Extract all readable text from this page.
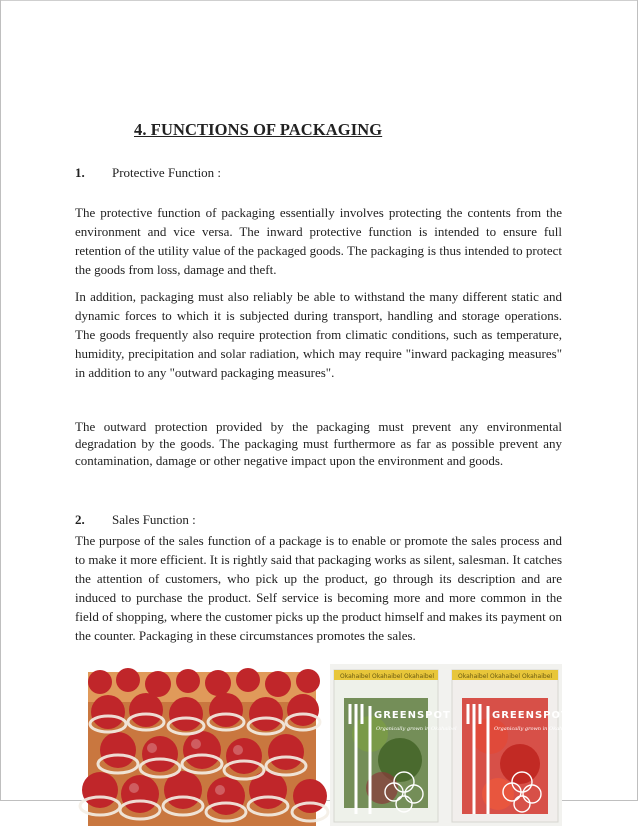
4. FUNCTIONS OF PACKAGING
1. Protective Function :

The protective function of packaging essentially involves protecting the contents from the environment and vice versa. The inward protective function is intended to ensure full retention of the utility value of the packaged goods. The packaging is thus intended to protect the goods from loss, damage and theft.

In addition, packaging must also reliably be able to withstand the many different static and dynamic forces to which it is subjected during transport, handling and storage operations. The goods frequently also require protection from climatic conditions, such as temperature, humidity, precipitation and solar radiation, which may require "inward packaging measures" in addition to any "outward packaging measures".

The outward protection provided by the packaging must prevent any environmental degradation by the goods. The packaging must furthermore as far as possible prevent any contamination, damage or other negative impact upon the environment and goods.

2. Sales Function :

The purpose of the sales function of a package is to enable or promote the sales process and to make it more efficient. It is rightly said that packaging works as silent, salesman. It catches the attention of customers, who pick up the product, go through its description and are induced to purchase the product. Self service is becoming more and more common in the field of shopping, where the customer picks up the product himself and makes its payment on the counter. Packaging in these circumstances promotes the sales.

Okahaibel Okahaibel Okahaibel	Okahaibel Okahaibel Okahaibel
GREENSPOT	GREENSPOT
Organically grown in Okahaibel	Organically grown in Okahaibel
